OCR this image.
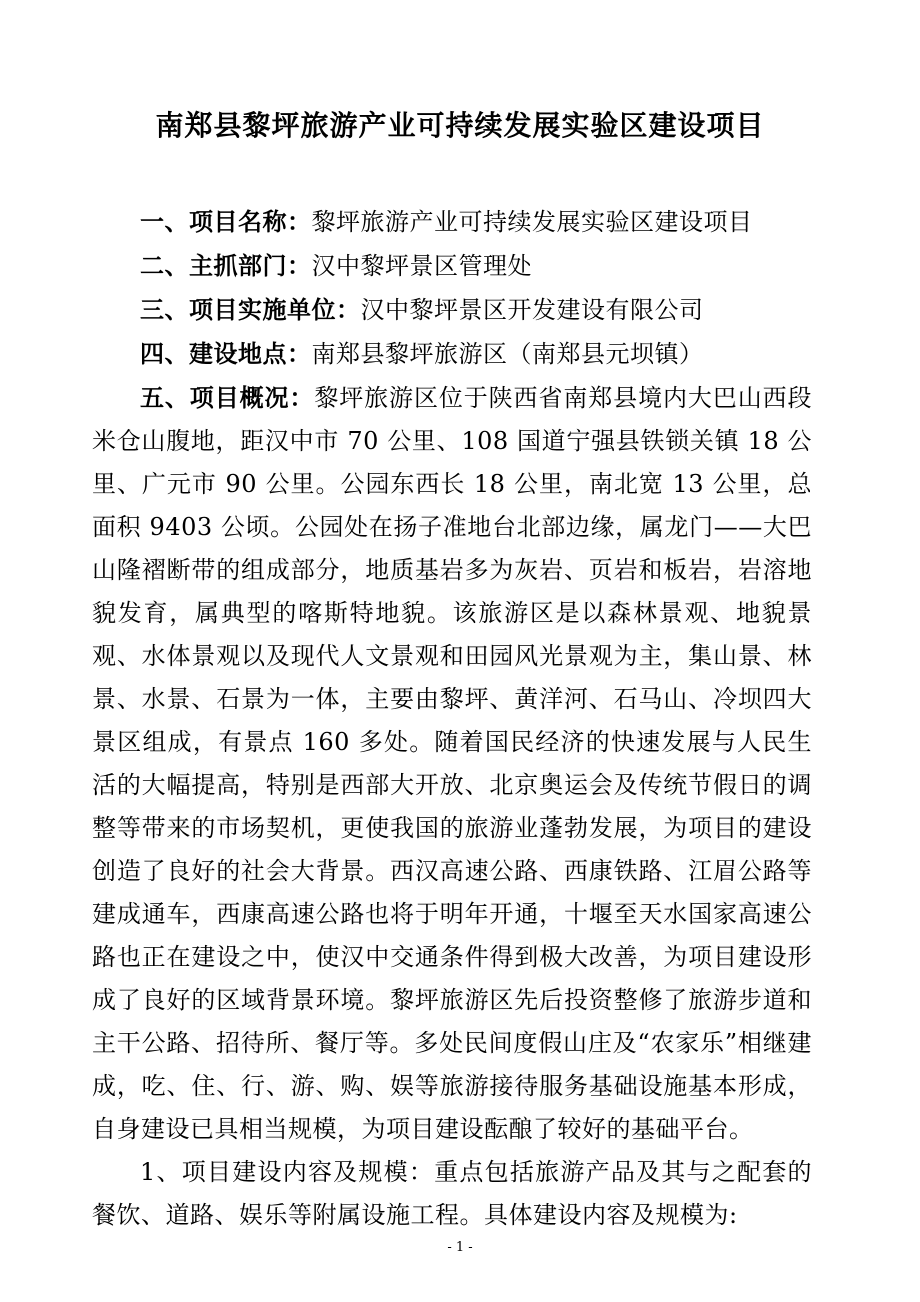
南郑县黎坪旅游产业可持续发展实验区建设项目

一、项目名称：黎坪旅游产业可持续发展实验区建设项目

二、主抓部门：汉中黎坪景区管理处

三、项目实施单位：汉中黎坪景区开发建设有限公司

四、建设地点：南郑县黎坪旅游区（南郑县元坝镇）

五、项目概况：黎坪旅游区位于陕西省南郑县境内大巴山西段米仓山腹地，距汉中市 70 公里、108 国道宁强县铁锁关镇 18 公里、广元市 90 公里。公园东西长 18 公里，南北宽 13 公里，总面积 9403 公顷。公园处在扬子准地台北部边缘，属龙门——大巴山隆褶断带的组成部分，地质基岩多为灰岩、页岩和板岩，岩溶地貌发育，属典型的喀斯特地貌。该旅游区是以森林景观、地貌景观、水体景观以及现代人文景观和田园风光景观为主，集山景、林景、水景、石景为一体，主要由黎坪、黄洋河、石马山、冷坝四大景区组成，有景点 160 多处。随着国民经济的快速发展与人民生活的大幅提高，特别是西部大开放、北京奥运会及传统节假日的调整等带来的市场契机，更使我国的旅游业蓬勃发展，为项目的建设创造了良好的社会大背景。西汉高速公路、西康铁路、江眉公路等建成通车，西康高速公路也将于明年开通，十堰至天水国家高速公路也正在建设之中，使汉中交通条件得到极大改善，为项目建设形成了良好的区域背景环境。黎坪旅游区先后投资整修了旅游步道和主干公路、招待所、餐厅等。多处民间度假山庄及“农家乐”相继建成，吃、住、行、游、购、娱等旅游接待服务基础设施基本形成，自身建设已具相当规模，为项目建设酝酿了较好的基础平台。

1、项目建设内容及规模：重点包括旅游产品及其与之配套的餐饮、道路、娱乐等附属设施工程。具体建设内容及规模为:

- 1 -
